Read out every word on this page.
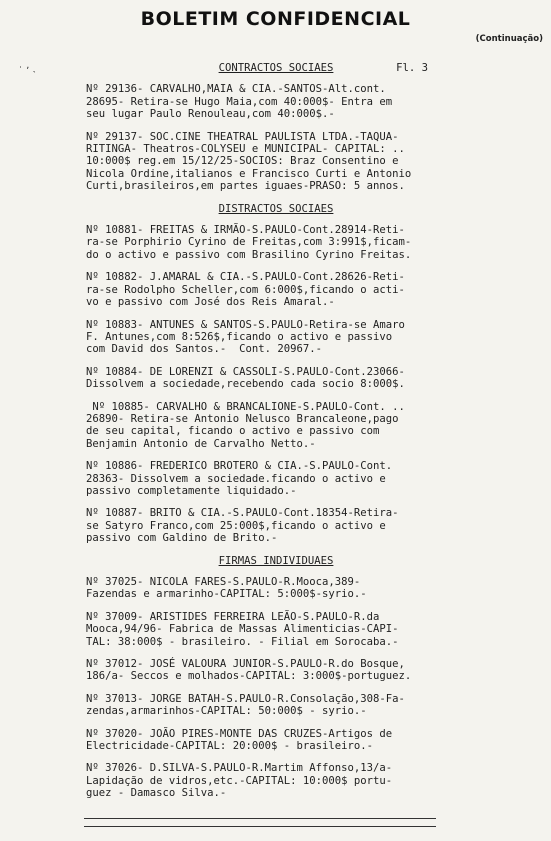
BOLETIM CONFIDENCIAL
(Continuação)
˙ ʼ ˴	CONTRACTOS SOCIAES	Fl. 3
Nº 29136- CARVALHO,MAIA & CIA.-SANTOS-Alt.cont.
28695- Retira-se Hugo Maia,com 40:000$- Entra em
seu lugar Paulo Renouleau,com 40:000$.-
Nº 29137- SOC.CINE THEATRAL PAULISTA LTDA.-TAQUA-
RITINGA- Theatros-COLYSEU e MUNICIPAL- CAPITAL: ..
10:000$ reg.em 15/12/25-SOCIOS: Braz Consentino e
Nicola Ordine,italianos e Francisco Curti e Antonio
Curti,brasileiros,em partes iguaes-PRASO: 5 annos.
DISTRACTOS SOCIAES
Nº 10881- FREITAS & IRMÃO-S.PAULO-Cont.28914-Reti-
ra-se Porphirio Cyrino de Freitas,com 3:991$,ficam-
do o activo e passivo com Brasilino Cyrino Freitas.
Nº 10882- J.AMARAL & CIA.-S.PAULO-Cont.28626-Reti-
ra-se Rodolpho Scheller,com 6:000$,ficando o acti-
vo e passivo com José dos Reis Amaral.-
Nº 10883- ANTUNES & SANTOS-S.PAULO-Retira-se Amaro
F. Antunes,com 8:526$,ficando o activo e passivo
com David dos Santos.-  Cont. 20967.-
Nº 10884- DE LORENZI & CASSOLI-S.PAULO-Cont.23066-
Dissolvem a sociedade,recebendo cada socio 8:000$.
Nº 10885- CARVALHO & BRANCALIONE-S.PAULO-Cont. ..
26890- Retira-se Antonio Nelusco Brancaleone,pago
de seu capital, ficando o activo e passivo com
Benjamin Antonio de Carvalho Netto.-
Nº 10886- FREDERICO BROTERO & CIA.-S.PAULO-Cont.
28363- Dissolvem a sociedade.ficando o activo e
passivo completamente liquidado.-
Nº 10887- BRITO & CIA.-S.PAULO-Cont.18354-Retira-
se Satyro Franco,com 25:000$,ficando o activo e
passivo com Galdino de Brito.-
FIRMAS INDIVIDUAES
Nº 37025- NICOLA FARES-S.PAULO-R.Mooca,389-
Fazendas e armarinho-CAPITAL: 5:000$-syrio.-
Nº 37009- ARISTIDES FERREIRA LEÃO-S.PAULO-R.da
Mooca,94/96- Fabrica de Massas Alimenticias-CAPI-
TAL: 38:000$ - brasileiro. - Filial em Sorocaba.-
Nº 37012- JOSÉ VALOURA JUNIOR-S.PAULO-R.do Bosque,
186/a- Seccos e molhados-CAPITAL: 3:000$-portuguez.
Nº 37013- JORGE BATAH-S.PAULO-R.Consolação,308-Fa-
zendas,armarinhos-CAPITAL: 50:000$ - syrio.-
Nº 37020- JOÃO PIRES-MONTE DAS CRUZES-Artigos de
Electricidade-CAPITAL: 20:000$ - brasileiro.-
Nº 37026- D.SILVA-S.PAULO-R.Martim Affonso,13/a-
Lapidação de vidros,etc.-CAPITAL: 10:000$ portu-
guez - Damasco Silva.-
